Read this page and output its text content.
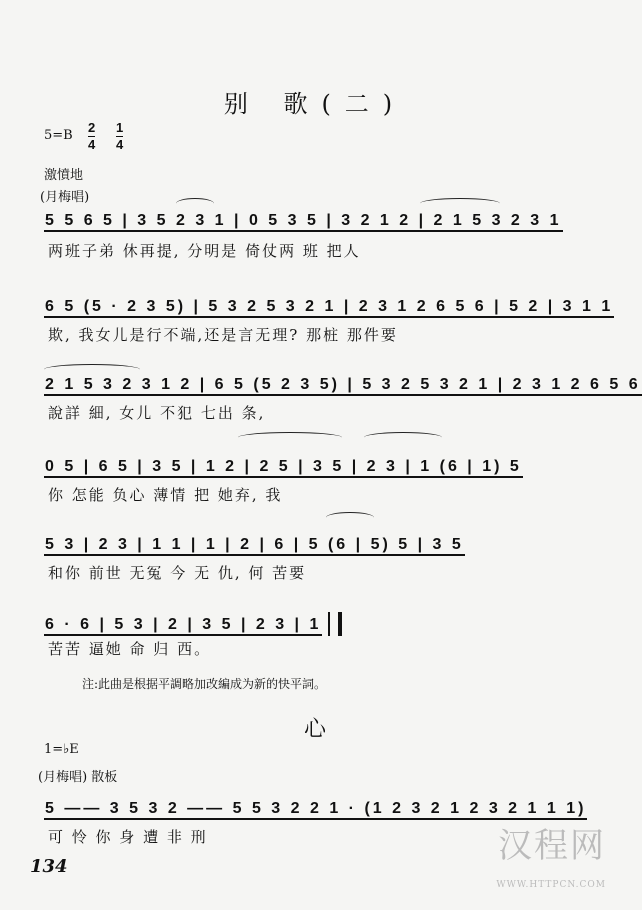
别 歌(二)
$5=B \frac{2}{4} \frac{1}{4}$
激憤地
(月梅唱)
5 5 6 5 | 3 5 2 3 1 | 0 5 3 5 | 3 2 1 2 | 2 1 5 3 2 3 1
两班子弟 休再提, 分明是 倚仗两 班 把人
6 5 (5 · 2 3 5) | 5 3 2 5 3 2 1 | 2 3 1 2 6 5 6 | 5 2 | 3 1 1
欺, 我女儿是行不端,还是言无理? 那桩 那件要
2 1 5 3 2 3 1 2 | 6 5 (5 2 3 5) | 5 3 2 5 3 2 1 | 2 3 1 2 6 5 6
說詳 細, 女儿 不犯 七出 条,
0 5 | 6 5 | 3 5 | 1 2 | 2 5 | 3 5 | 2 3 | 1 (6 | 1) 5
你 怎能 负心 薄情 把 她弃, 我
5 3 | 2 3 | 1 1 | 1 | 2 | 6 | 5 (6 | 5) 5 | 3 5
和你 前世 无冤 今 无 仇, 何 苦要
6 · 6 | 5 3 | 2 | 3 5 | 2 3 | 1
苦苦 逼她 命 归 西。
注:此曲是根据平調略加改編成为新的快平詞。
心
1=♭E
(月梅唱) 散板
5 —— 3 5 3 2 —— 5 5 3 2 2 1 · (1 2 3 2 1 2 3 2 1 1 1)
可 怜 你 身 遭 非 刑
134
汉程网
WWW.HTTPCN.COM
